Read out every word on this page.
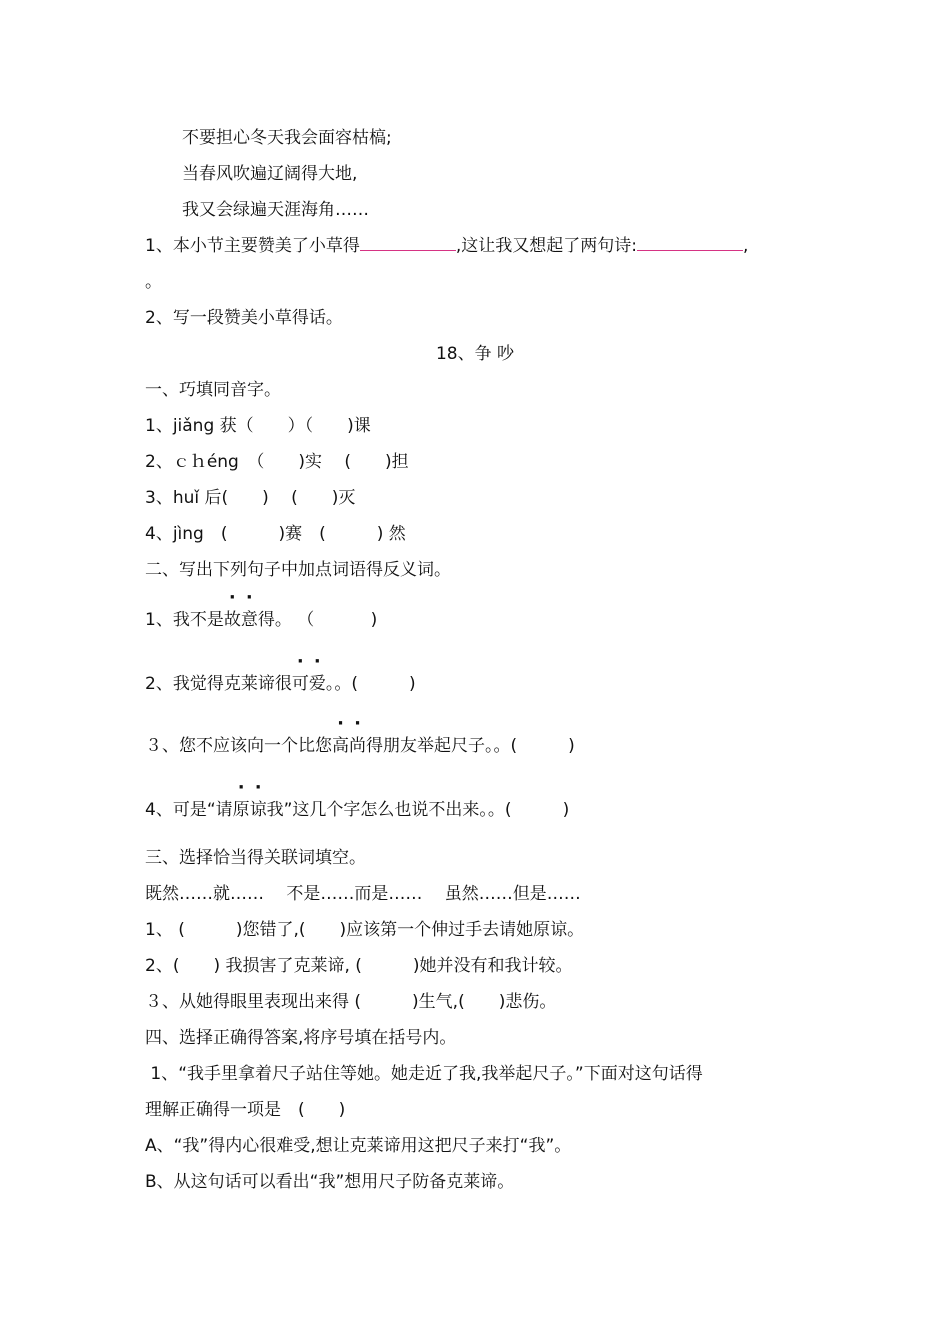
不要担心冬天我会面容枯槁;
当春风吹遍辽阔得大地,
我又会绿遍天涯海角……
1、本小节主要赞美了小草得	,这让我又想起了两句诗:	,
。
2、写一段赞美小草得话。
18、争 吵
一、巧填同音字。
1、jiǎng 获（　　）（　　)课
2、ｃｈéng　（　　)实　 (　　)担
3、huǐ 后(　　)　 (　　)灭
4、jìng　(　　　)赛　(　　　) 然
二、写出下列句子中加点词语得反义词。
1、我不是故意得。 （　　　 )
2、我觉得克莱谛很可爱。。(　　　)
３、您不应该向一个比您高尚得朋友举起尺子。。(　　　)
4、可是“请原谅我”这几个字怎么也说不出来。。(　　　)
三、选择恰当得关联词填空。
既然……就……　 不是……而是……　 虽然……但是……
1、 (　　　)您错了,(　　)应该第一个伸过手去请她原谅。
2、(　　) 我损害了克莱谛, (　　　)她并没有和我计较。
３、从她得眼里表现出来得 (　　　)生气,(　　)悲伤。
四、选择正确得答案,将序号填在括号内。
1、“我手里拿着尺子站住等她。她走近了我,我举起尺子。”下面对这句话得
理解正确得一项是　(　　)
A、“我”得内心很难受,想让克莱谛用这把尺子来打“我”。
B、从这句话可以看出“我”想用尺子防备克莱谛。
